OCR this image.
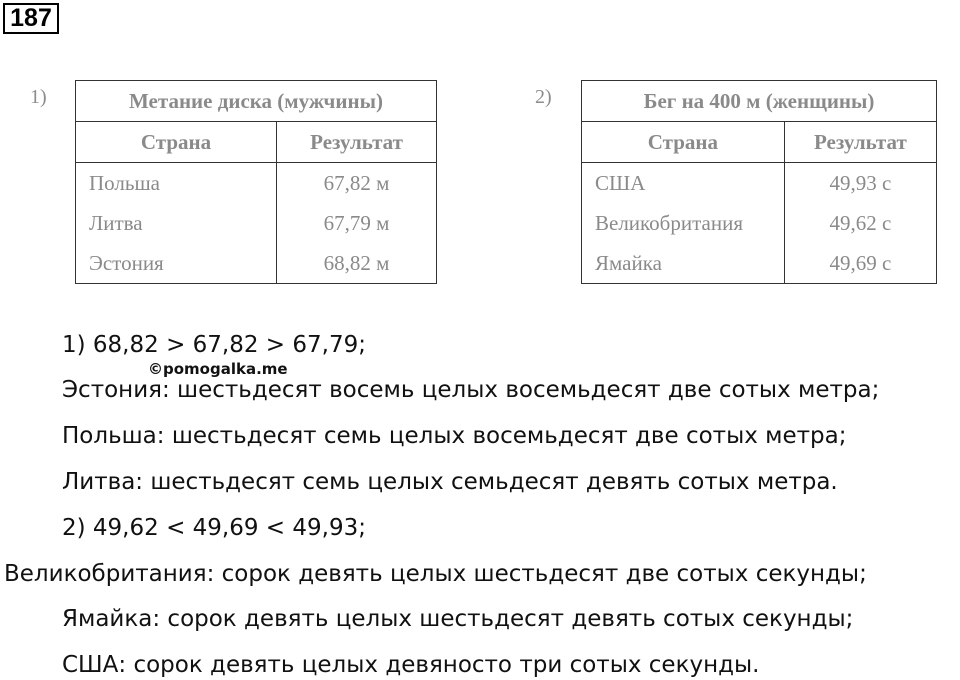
187
1)	Метание диска (мужчины)	
Страна	Результат
Польша	67,82 м
Литва	67,79 м
Эстония	68,82 м
2)	Бег на 400 м (женщины)	
Страна	Результат
США	49,93 с
Великобритания	49,62 с
Ямайка	49,69 с
1) 68,82 > 67,82 > 67,79;
©pomogalka.me
Эстония: шестьдесят восемь целых восемьдесят две сотых метра;
Польша: шестьдесят семь целых восемьдесят две сотых метра;
Литва: шестьдесят семь целых семьдесят девять сотых метра.
2) 49,62 < 49,69 < 49,93;
Великобритания: сорок девять целых шестьдесят две сотых секунды;
Ямайка: сорок девять целых шестьдесят девять сотых секунды;
США: сорок девять целых девяносто три сотых секунды.
